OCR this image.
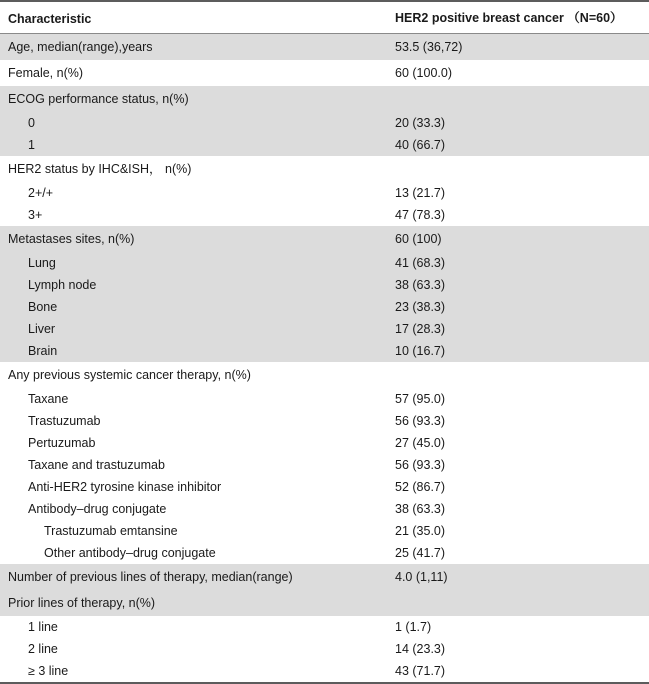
Characteristic	HER2 positive breast cancer （N=60）
Age, median(range),years	53.5 (36,72)
Female, n(%)	60 (100.0)
ECOG performance status, n(%)	
0	20 (33.3)
1	40 (66.7)
HER2 status by IHC&ISH， n(%)	
2+/+	13 (21.7)
3+	47 (78.3)
Metastases sites, n(%)	60 (100)
Lung	41 (68.3)
Lymph node	38 (63.3)
Bone	23 (38.3)
Liver	17 (28.3)
Brain	10 (16.7)
Any previous systemic cancer therapy, n(%)	
Taxane	57 (95.0)
Trastuzumab	56 (93.3)
Pertuzumab	27 (45.0)
Taxane and trastuzumab	56 (93.3)
Anti-HER2 tyrosine kinase inhibitor	52 (86.7)
Antibody–drug conjugate	38 (63.3)
Trastuzumab emtansine	21 (35.0)
Other antibody–drug conjugate	25 (41.7)
Number of previous lines of therapy, median(range)	4.0 (1,11)
Prior lines of therapy, n(%)	
1 line	1 (1.7)
2 line	14 (23.3)
≥ 3 line	43 (71.7)
